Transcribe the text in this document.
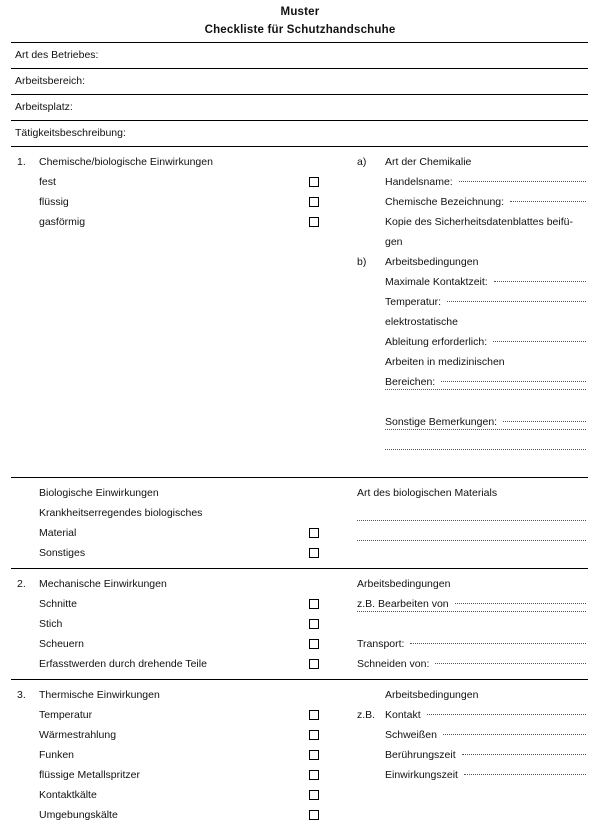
Muster
Checkliste für Schutzhandschuhe
Art des Betriebes:
Arbeitsbereich:
Arbeitsplatz:
Tätigkeitsbeschreibung:
1.	Chemische/biologische Einwirkungen
fest
flüssig
gasförmig
a)	Art der Chemikalie
Handelsname:
Chemische Bezeichnung:
Kopie des Sicherheitsdatenblattes beifü-
gen
b)	Arbeitsbedingungen
Maximale Kontaktzeit:
Temperatur:
elektrostatische
Ableitung erforderlich:
Arbeiten in medizinischen
Bereichen:
Sonstige Bemerkungen:
Biologische Einwirkungen
Krankheitserregendes biologisches
Material
Sonstiges
Art des biologischen Materials
2.	Mechanische Einwirkungen
Schnitte
Stich
Scheuern
Erfasstwerden durch drehende Teile
Arbeitsbedingungen
z.B. Bearbeiten von
Transport:
Schneiden von:
3.	Thermische Einwirkungen
Temperatur
Wärmestrahlung
Funken
flüssige Metallspritzer
Kontaktkälte
Umgebungskälte
Arbeitsbedingungen
z.B. Kontakt
Schweißen
Berührungszeit
Einwirkungszeit
